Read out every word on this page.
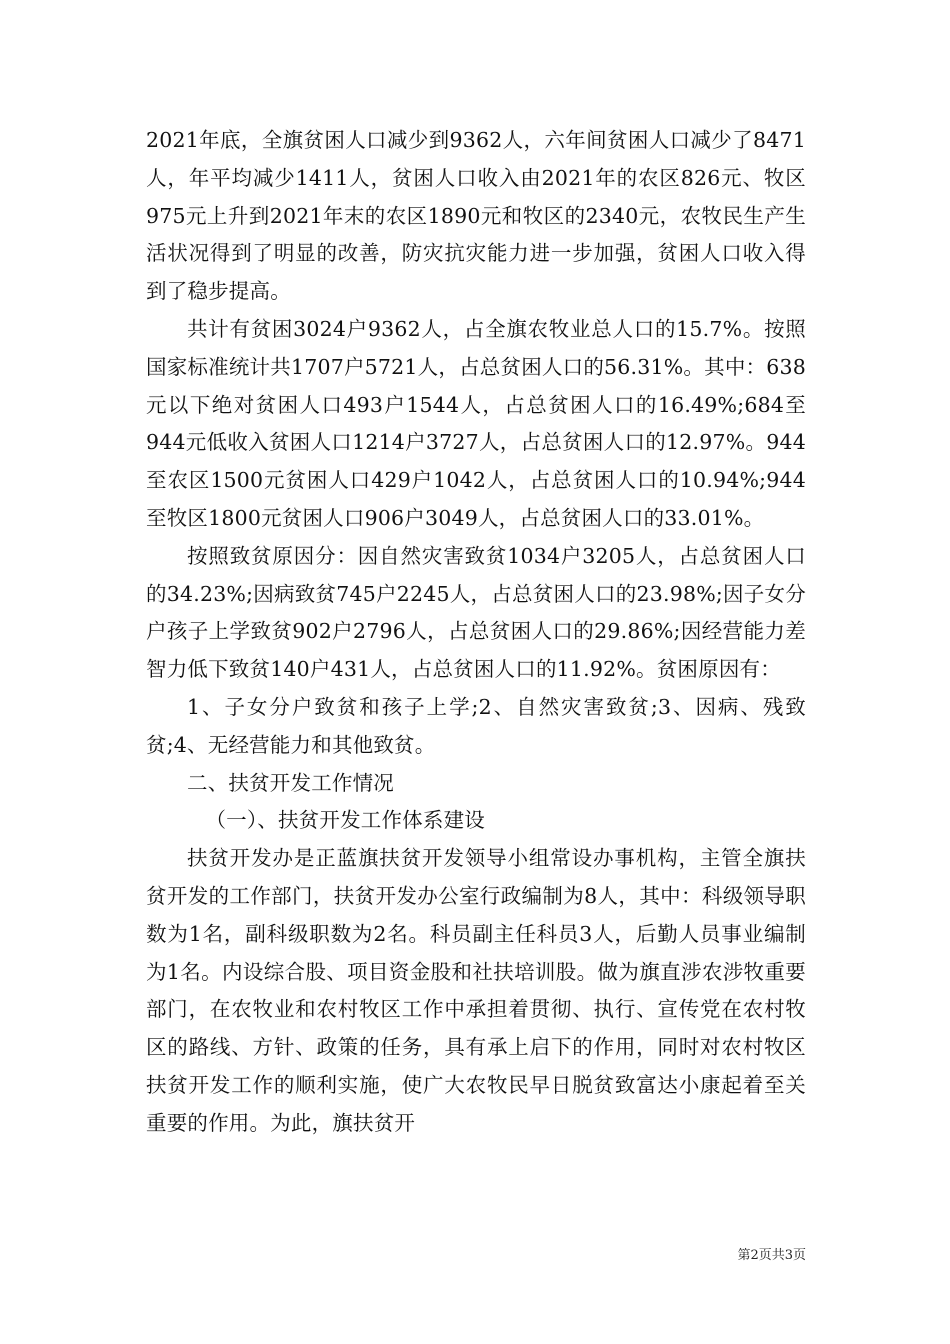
2021年底，全旗贫困人口减少到9362人，六年间贫困人口减少了8471人，年平均减少1411人，贫困人口收入由2021年的农区826元、牧区975元上升到2021年末的农区1890元和牧区的2340元，农牧民生产生活状况得到了明显的改善，防灾抗灾能力进一步加强，贫困人口收入得到了稳步提高。

共计有贫困3024户9362人，占全旗农牧业总人口的15.7%。按照国家标准统计共1707户5721人，占总贫困人口的56.31%。其中：638元以下绝对贫困人口493户1544人，占总贫困人口的16.49%;684至944元低收入贫困人口1214户3727人，占总贫困人口的12.97%。944至农区1500元贫困人口429户1042人，占总贫困人口的10.94%;944至牧区1800元贫困人口906户3049人，占总贫困人口的33.01%。

按照致贫原因分：因自然灾害致贫1034户3205人，占总贫困人口的34.23%;因病致贫745户2245人，占总贫困人口的23.98%;因子女分户孩子上学致贫902户2796人，占总贫困人口的29.86%;因经营能力差智力低下致贫140户431人，占总贫困人口的11.92%。贫困原因有：

1、子女分户致贫和孩子上学;2、自然灾害致贫;3、因病、残致贫;4、无经营能力和其他致贫。

二、扶贫开发工作情况

（一）、扶贫开发工作体系建设

扶贫开发办是正蓝旗扶贫开发领导小组常设办事机构，主管全旗扶贫开发的工作部门，扶贫开发办公室行政编制为8人，其中：科级领导职数为1名，副科级职数为2名。科员副主任科员3人，后勤人员事业编制为1名。内设综合股、项目资金股和社扶培训股。做为旗直涉农涉牧重要部门，在农牧业和农村牧区工作中承担着贯彻、执行、宣传党在农村牧区的路线、方针、政策的任务，具有承上启下的作用，同时对农村牧区扶贫开发工作的顺利实施，使广大农牧民早日脱贫致富达小康起着至关重要的作用。为此，旗扶贫开

第2页共3页
